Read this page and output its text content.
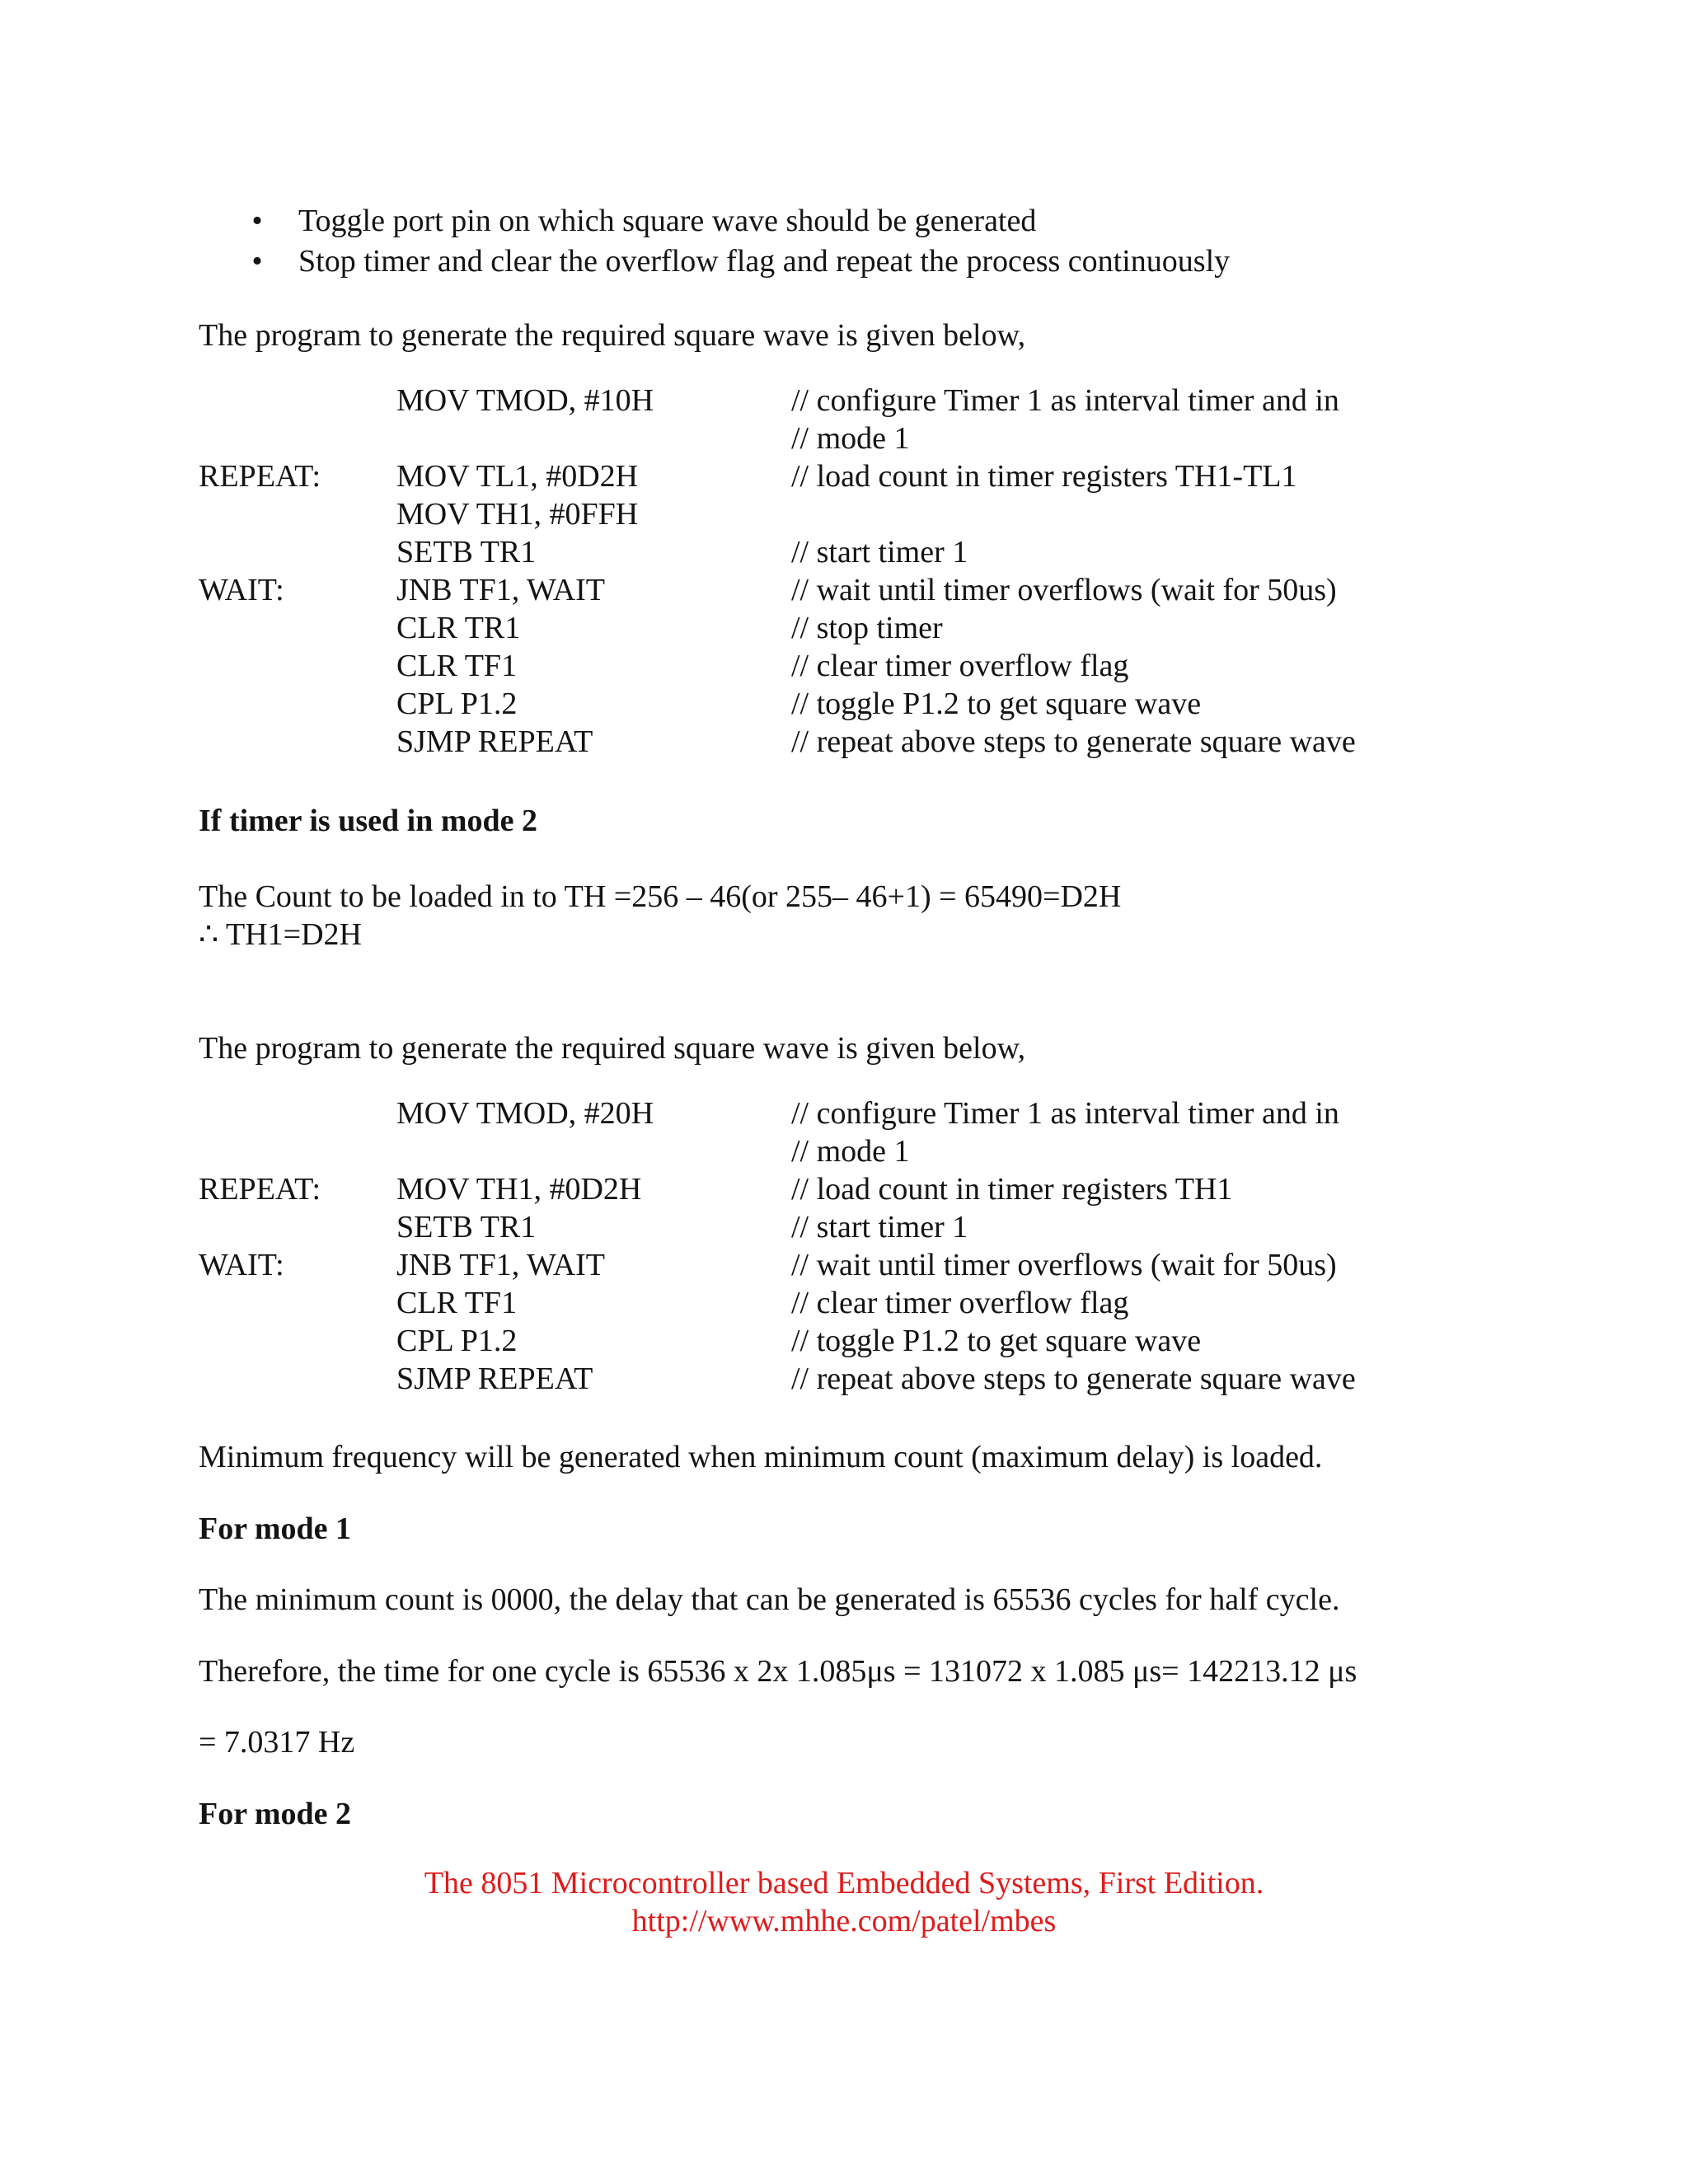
• Toggle port pin on which square wave should be generated
• Stop timer and clear the overflow flag and repeat the process continuously

The program to generate the required square wave is given below,

MOV TMOD, #10H	// configure Timer 1 as interval timer and in
// mode 1
REPEAT: MOV TL1, #0D2H	// load count in timer registers TH1-TL1
MOV TH1, #0FFH
SETB TR1	// start timer 1
WAIT:	JNB TF1, WAIT	// wait until timer overflows (wait for 50us)
CLR TR1	// stop timer
CLR TF1	// clear timer overflow flag
CPL P1.2	// toggle P1.2 to get square wave
SJMP REPEAT	// repeat above steps to generate square wave

If timer is used in mode 2

The Count to be loaded in to TH =256 – 46(or 255– 46+1) = 65490=D2H

∴ TH1=D2H

The program to generate the required square wave is given below,

MOV TMOD, #20H	// configure Timer 1 as interval timer and in
// mode 1
REPEAT: MOV TH1, #0D2H	// load count in timer registers TH1
SETB TR1	// start timer 1
WAIT:	JNB TF1, WAIT	// wait until timer overflows (wait for 50us)
CLR TF1	// clear timer overflow flag
CPL P1.2	// toggle P1.2 to get square wave
SJMP REPEAT	// repeat above steps to generate square wave

Minimum frequency will be generated when minimum count (maximum delay) is loaded.

For mode 1

The minimum count is 0000, the delay that can be generated is 65536 cycles for half cycle.

Therefore, the time for one cycle is 65536 x 2x 1.085μs = 131072 x 1.085 μs= 142213.12 μs

= 7.0317 Hz

For mode 2

The 8051 Microcontroller based Embedded Systems, First Edition.

http://www.mhhe.com/patel/mbes
